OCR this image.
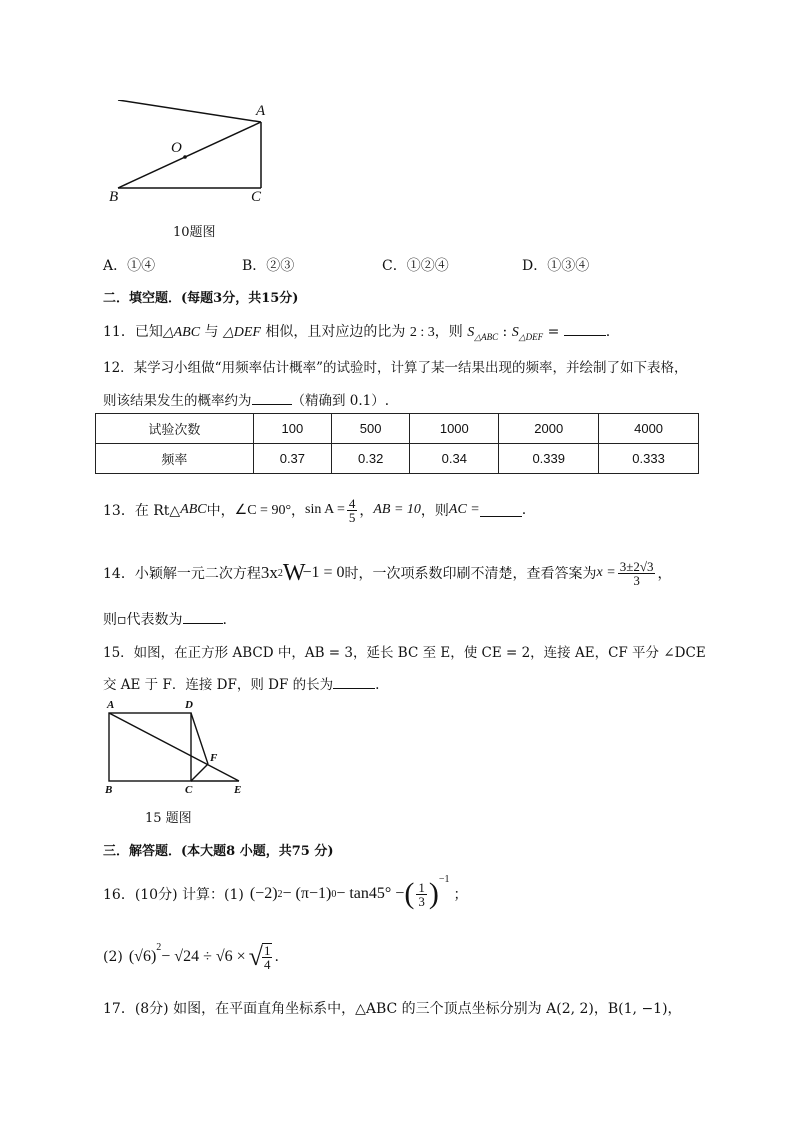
A
O
B	C
10题图
A．①④	B．②③	C．①②④	D．①③④
二．填空题．(每题3分，共15分)
11．已知△ABC 与 △DEF 相似，且对应边的比为 2 : 3，则 $S_{\triangle ABC}$ : $S_{\triangle DEF}$ =	.
12．某学习小组做“用频率估计概率”的试验时，计算了某一结果出现的频率，并绘制了如下表格，
则该结果发生的概率约为	（精确到 0.1）.
试验次数	100	500	1000	2000	4000
频率	0.37	0.32	0.34	0.339	0.333
13．在 Rt△ ABC 中， ∠C = 90° ， $\sin A = \frac{4}{5}$ ， AB = 10 ，则 AC =	.
14．小颖解一元二次方程 3x 2 W −1 = 0 时，一次项系数印刷不清楚，查看答案为 $x = \frac{3\pm 2√3}{3}$ ，
则▫代表数为	.
15．如图，在正方形 ABCD 中，AB = 3，延长 BC 至 E，使 CE = 2，连接 AE，CF 平分 ∠DCE
交 AE 于 F．连接 DF，则 DF 的长为	.
A	D
F
B	C	E
15 题图
三．解答题．(本大题8 小题，共75 分)
16．(10分) 计算：(1) (−2) 2 − (π−1) 0 − tan45° − ( $\frac{1}{3} )^{-1}$
；
(2) (√6)
$^2$
− √24 ÷ √6 × √ $\frac{1}{4}$ .
17．(8分) 如图，在平面直角坐标系中，△ABC 的三个顶点坐标分别为 A(2, 2)，B(1, −1)，
